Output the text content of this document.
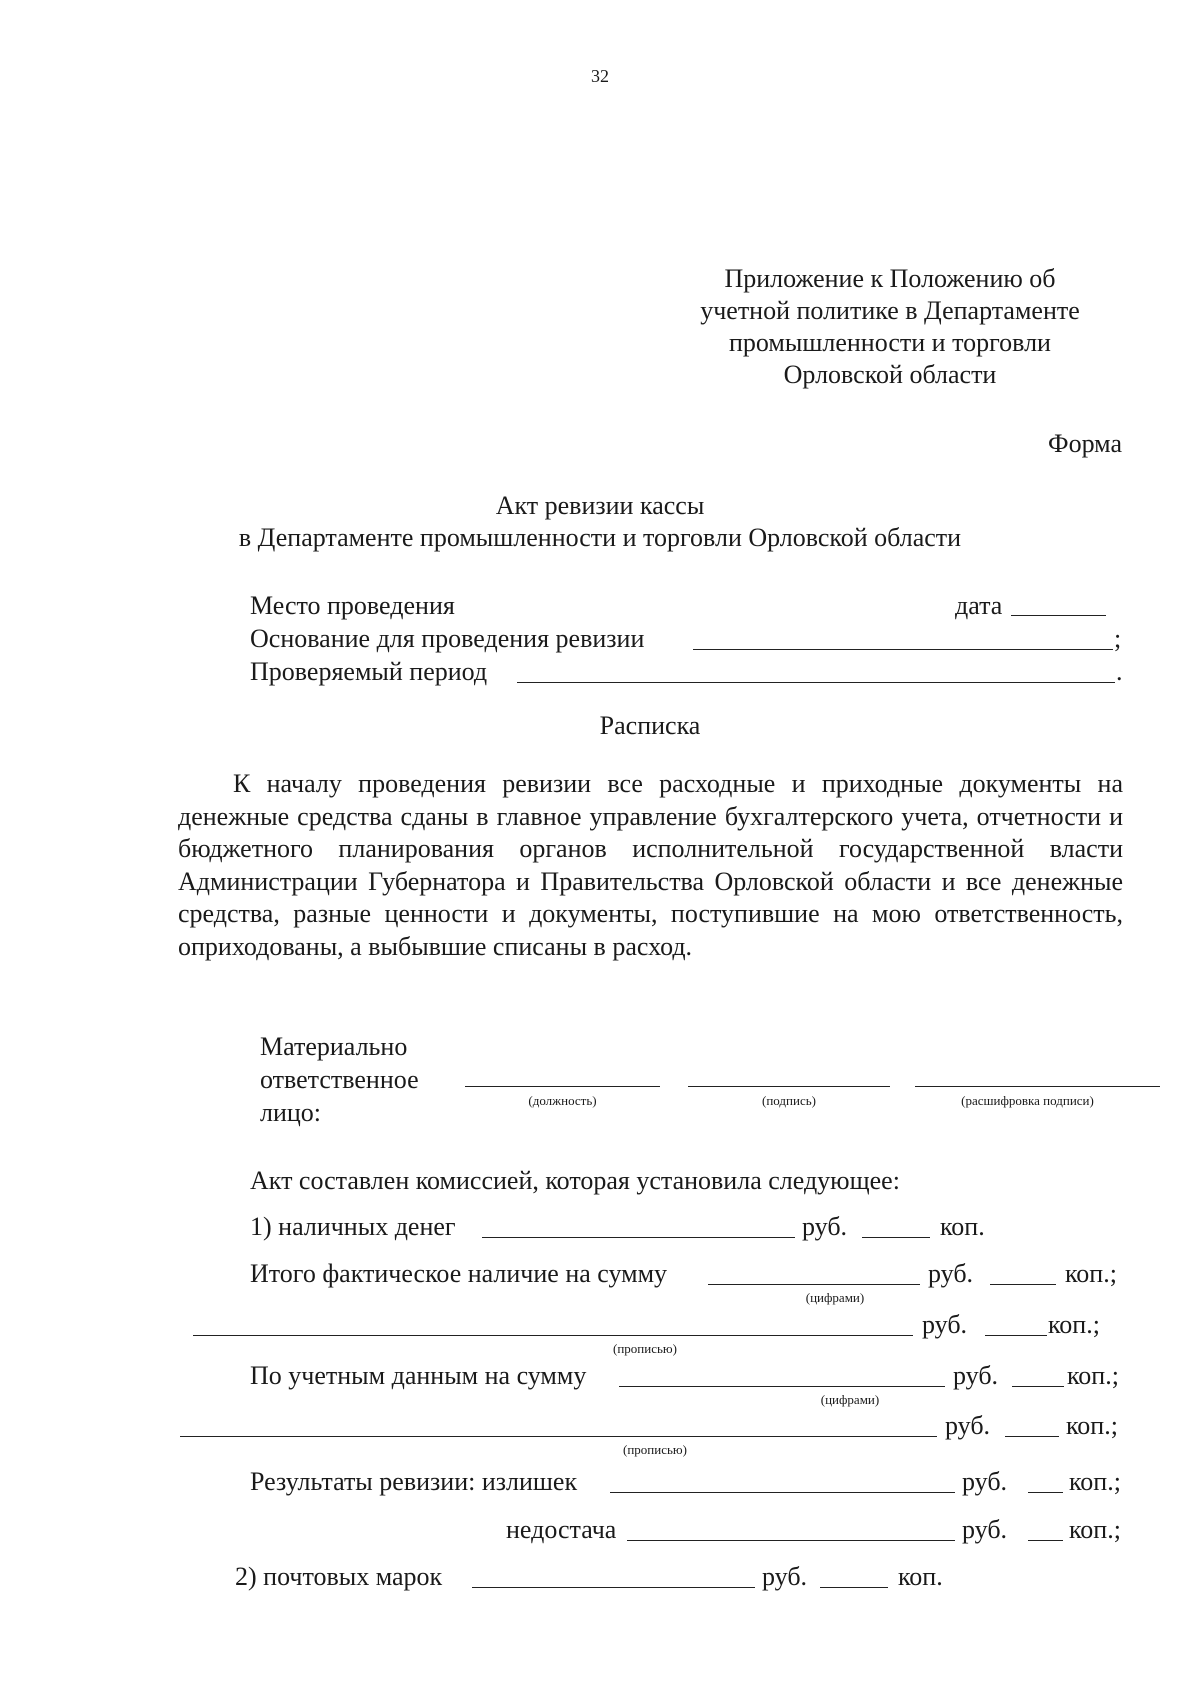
32
Приложение к Положению об
учетной политике в Департаменте
промышленности и торговли
Орловской области
Форма
Акт ревизии кассы
в Департаменте промышленности и торговли Орловской области
Место проведения	дата
Основание для проведения ревизии	;
Проверяемый период	.
Расписка

К началу проведения ревизии все расходные и приходные документы на денежные средства сданы в главное управление бухгалтерского учета, отчетности и бюджетного планирования органов исполнительной государственной власти Администрации Губернатора и Правительства Орловской области и все денежные средства, разные ценности и документы, поступившие на мою ответственность, оприходованы, а выбывшие списаны в расход.

Материально
ответственное
лицо:	(должность)	(подпись)	(расшифровка подписи)
Акт составлен комиссией, которая установила следующее:
1) наличных денег	руб.	коп.
Итого фактическое наличие на сумму
(цифрами)
руб.	коп.;
(прописью)
руб.	коп.;
По учетным данным на сумму
(цифрами)
руб.	коп.;
(прописью)
руб.	коп.;
Результаты ревизии: излишек	руб. коп.;
недостача	руб. коп.;
2) почтовых марок	руб.	коп.
